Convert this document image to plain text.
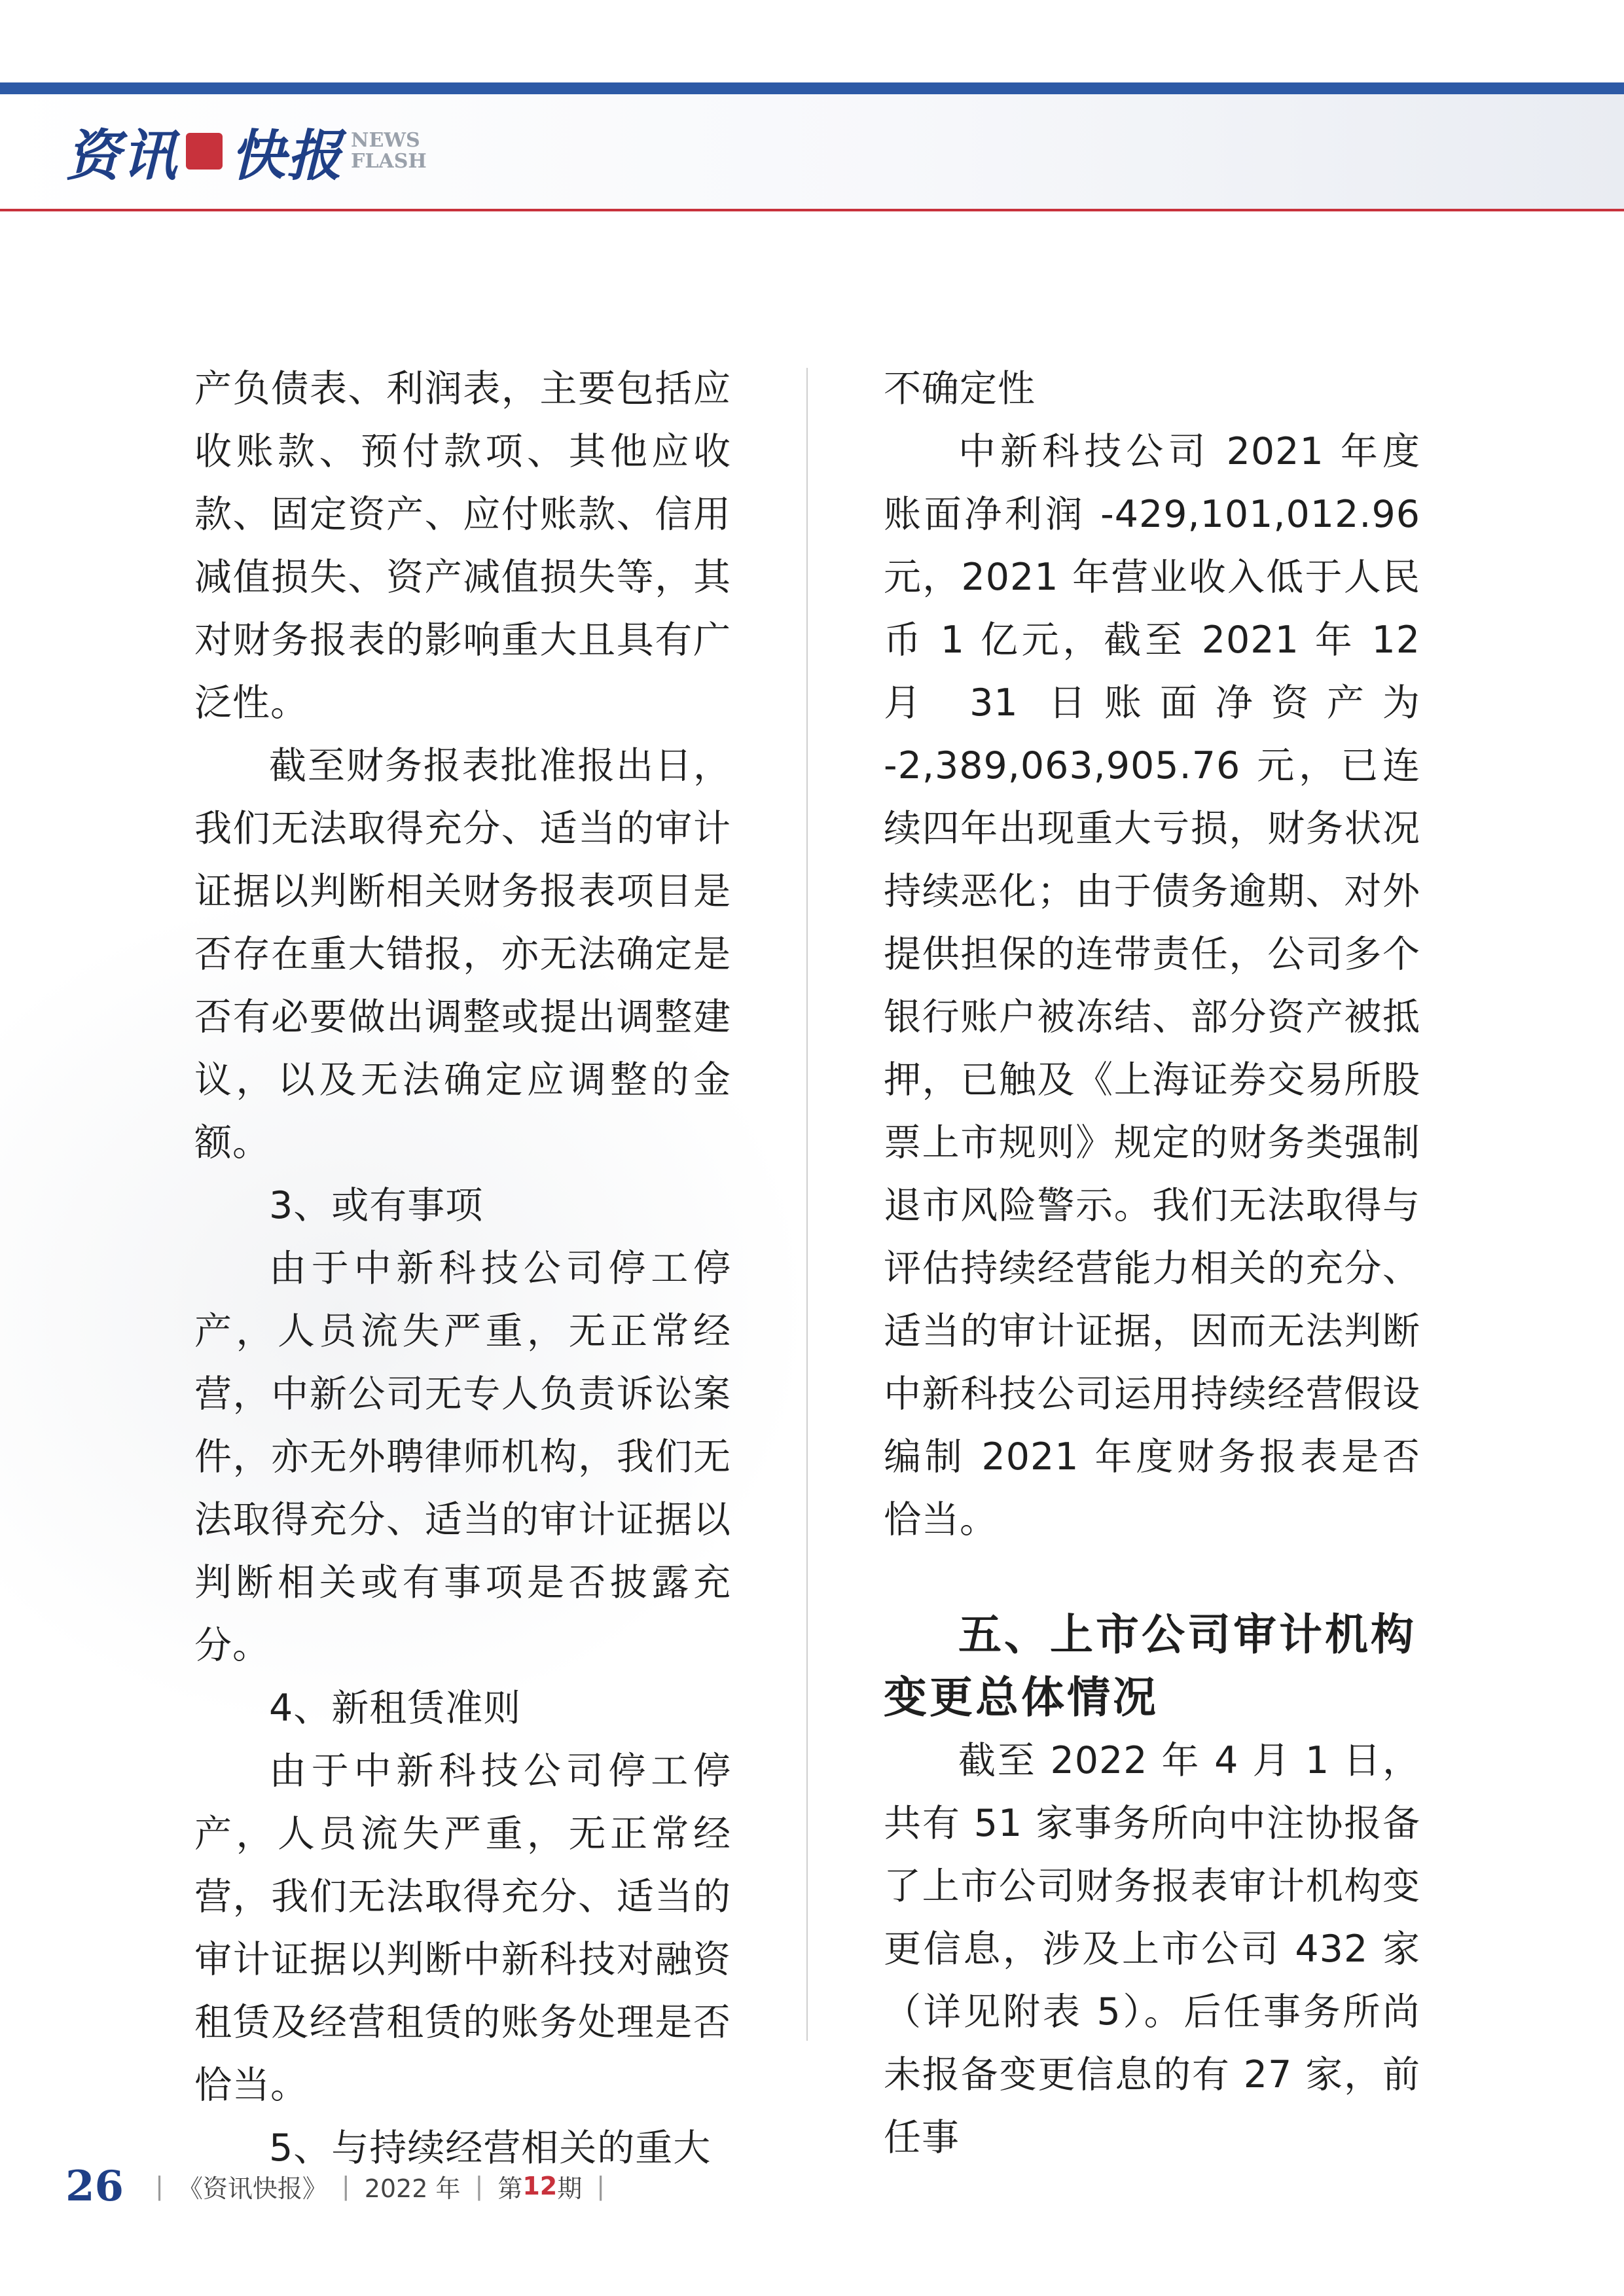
资讯 快报 NEWS
FLASH

产负债表、利润表，主要包括应收账款、预付款项、其他应收款、固定资产、应付账款、信用减值损失、资产减值损失等，其对财务报表的影响重大且具有广泛性。

截至财务报表批准报出日，我们无法取得充分、适当的审计证据以判断相关财务报表项目是否存在重大错报，亦无法确定是否有必要做出调整或提出调整建议，以及无法确定应调整的金额。

3、或有事项

由于中新科技公司停工停产，人员流失严重，无正常经营，中新公司无专人负责诉讼案件，亦无外聘律师机构，我们无法取得充分、适当的审计证据以判断相关或有事项是否披露充分。

4、新租赁准则

由于中新科技公司停工停产，人员流失严重，无正常经营，我们无法取得充分、适当的审计证据以判断中新科技对融资租赁及经营租赁的账务处理是否恰当。

5、与持续经营相关的重大

不确定性

中新科技公司 2021 年度账面净利润 -429,101,012.96 元，2021 年营业收入低于人民币 1 亿元，截至 2021 年 12 月 31 日账面净资产为 -2,389,063,905.76 元，已连续四年出现重大亏损，财务状况持续恶化；由于债务逾期、对外提供担保的连带责任，公司多个银行账户被冻结、部分资产被抵押，已触及《上海证券交易所股票上市规则》规定的财务类强制退市风险警示。我们无法取得与评估持续经营能力相关的充分、适当的审计证据，因而无法判断中新科技公司运用持续经营假设编制 2021 年度财务报表是否恰当。

五、上市公司审计机构变更总体情况

截至 2022 年 4 月 1 日，共有 51 家事务所向中注协报备了上市公司财务报表审计机构变更信息，涉及上市公司 432 家（详见附表 5）。后任事务所尚未报备变更信息的有 27 家，前任事

26 | 《资讯快报》 | 2022 年 | 第 12 期 |
